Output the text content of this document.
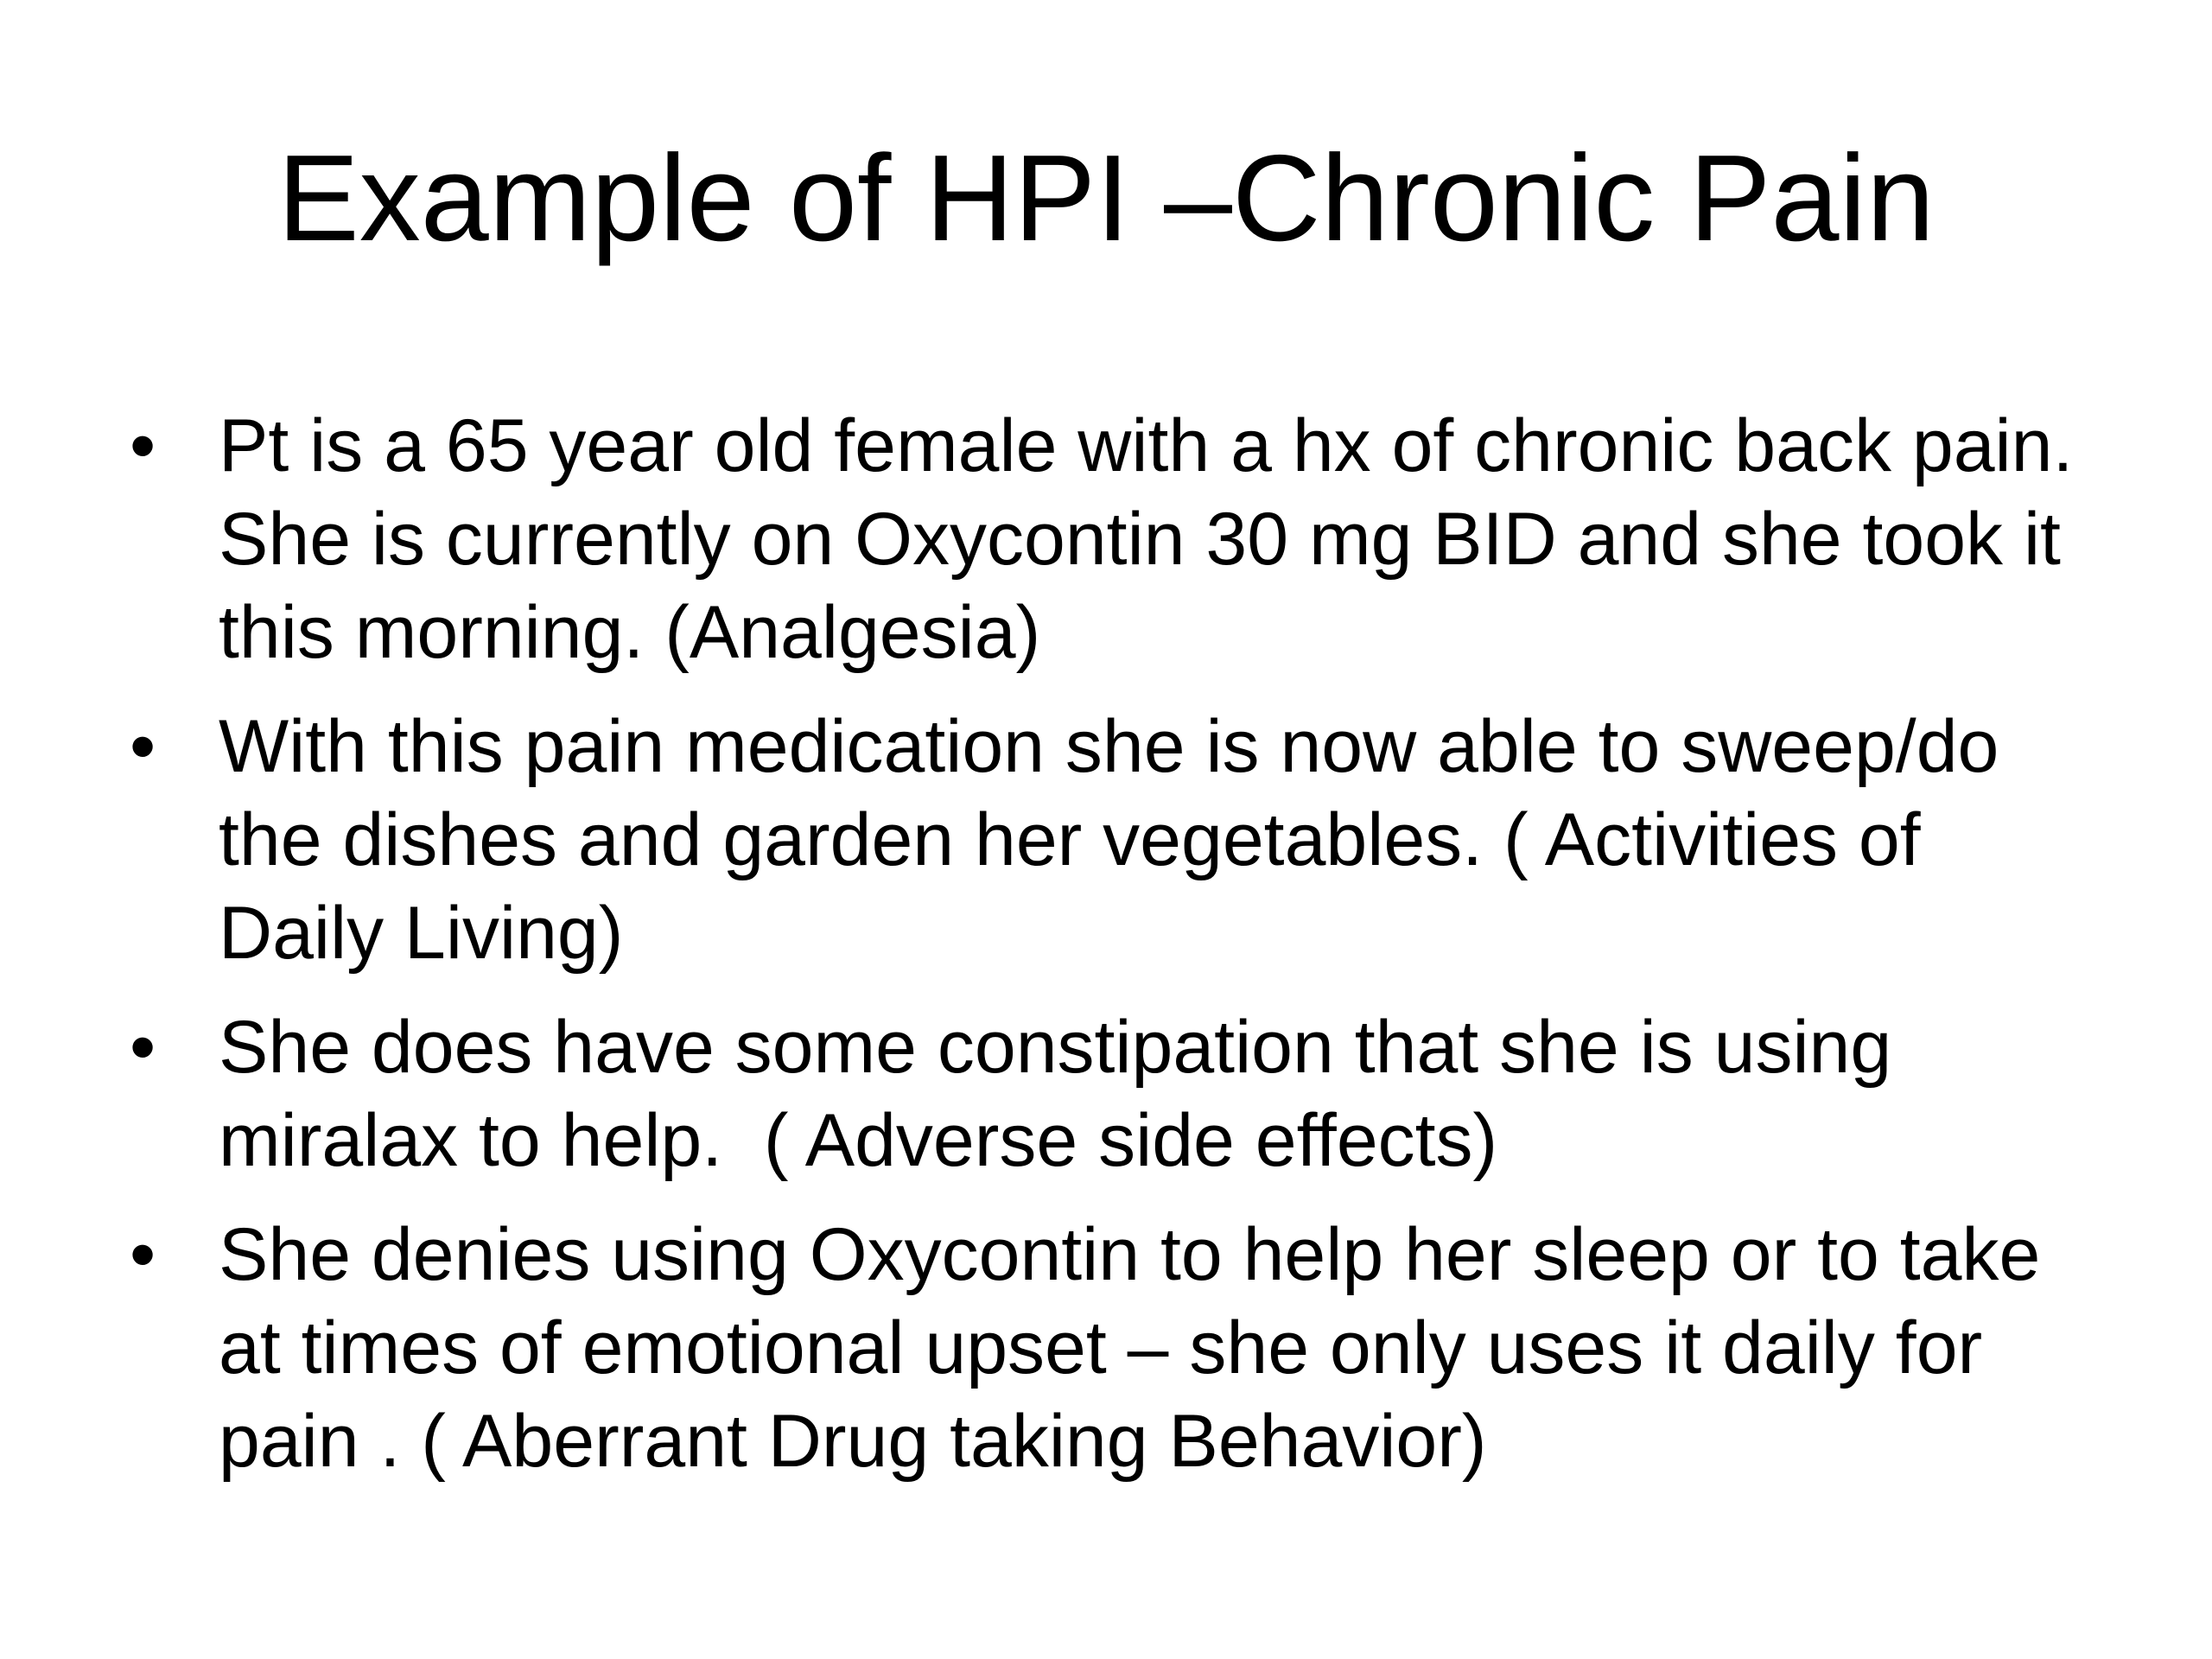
Example of HPI –Chronic Pain
• Pt is a 65 year old female with a hx of chronic back pain. She is currently on Oxycontin 30 mg BID and she took it this morning. (Analgesia)
• With this pain medication she is now able to sweep/do the dishes and garden her vegetables. ( Activities of Daily Living)
• She does have some constipation that she is using miralax to help.  ( Adverse side effects)
• She denies using Oxycontin to help her sleep or to take at times of emotional upset – she only uses it daily for pain . ( Aberrant Drug taking Behavior)
